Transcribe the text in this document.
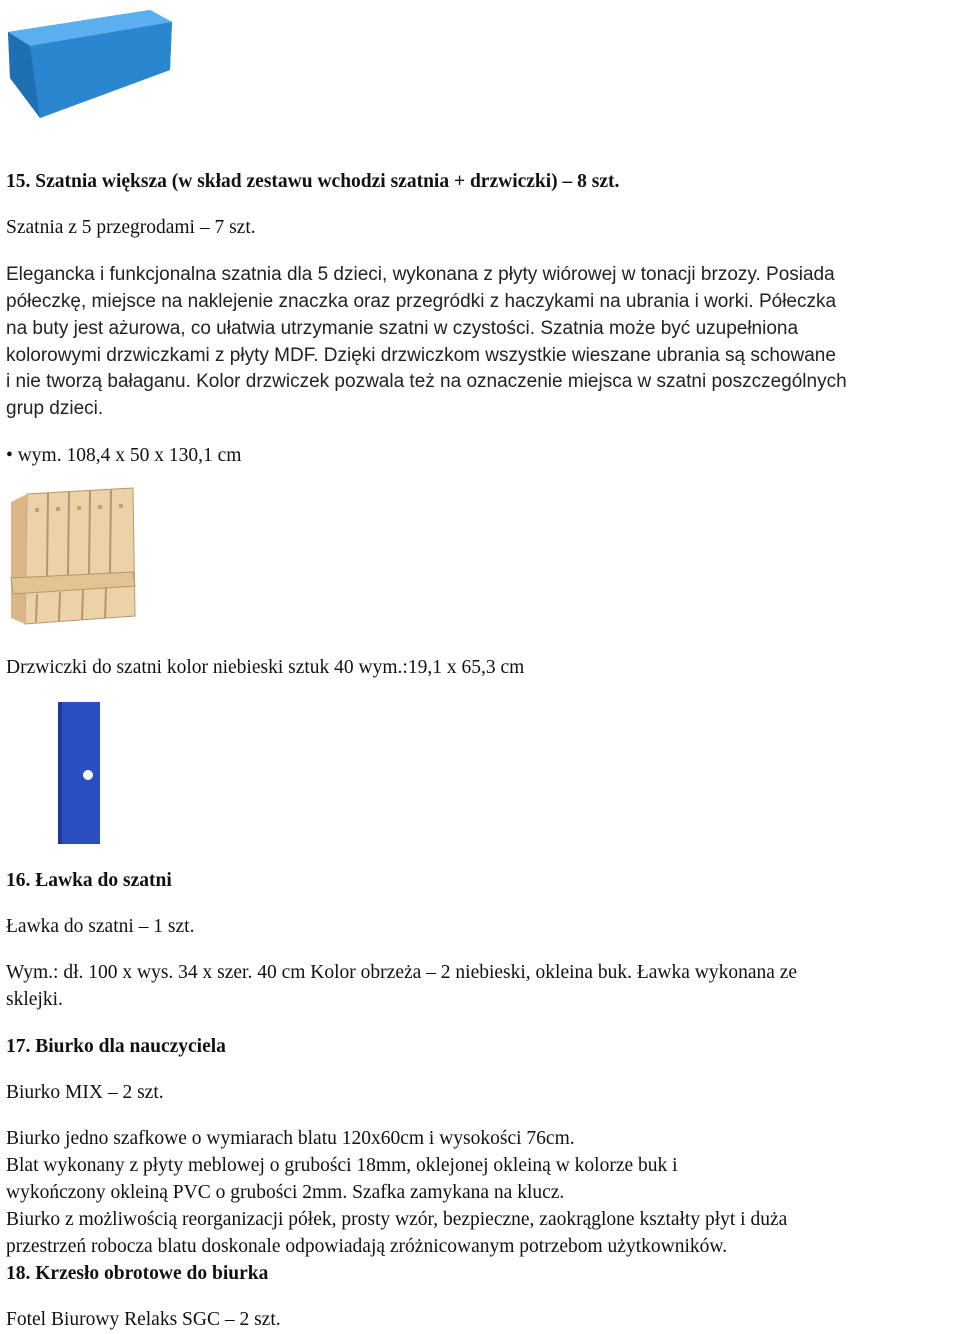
15. Szatnia większa (w skład zestawu wchodzi szatnia + drzwiczki) – 8 szt.
Szatnia z 5 przegrodami – 7 szt.
Elegancka i funkcjonalna szatnia dla 5 dzieci, wykonana z płyty wiórowej w tonacji brzozy. Posiada
półeczkę, miejsce na naklejenie znaczka oraz przegródki z haczykami na ubrania i worki. Półeczka
na buty jest ażurowa, co ułatwia utrzymanie szatni w czystości. Szatnia może być uzupełniona
kolorowymi drzwiczkami z płyty MDF. Dzięki drzwiczkom wszystkie wieszane ubrania są schowane
i nie tworzą bałaganu. Kolor drzwiczek pozwala też na oznaczenie miejsca w szatni poszczególnych
grup dzieci.
• wym. 108,4 x 50 x 130,1 cm
Drzwiczki do szatni kolor niebieski sztuk 40 wym.:19,1 x 65,3 cm
16. Ławka do szatni
Ławka do szatni – 1 szt.
Wym.: dł. 100 x wys. 34 x szer. 40 cm Kolor obrzeża – 2 niebieski, okleina buk. Ławka wykonana ze
sklejki.
17. Biurko dla nauczyciela
Biurko MIX – 2 szt.
Biurko jedno szafkowe o wymiarach blatu 120x60cm i wysokości 76cm.
Blat wykonany z płyty meblowej o grubości 18mm, oklejonej okleiną w kolorze buk i
wykończony okleiną PVC o grubości 2mm. Szafka zamykana na klucz.
Biurko z możliwością reorganizacji półek, prosty wzór, bezpieczne, zaokrąglone kształty płyt i duża
przestrzeń robocza blatu doskonale odpowiadają zróżnicowanym potrzebom użytkowników.
18. Krzesło obrotowe do biurka
Fotel Biurowy Relaks SGC – 2 szt.
